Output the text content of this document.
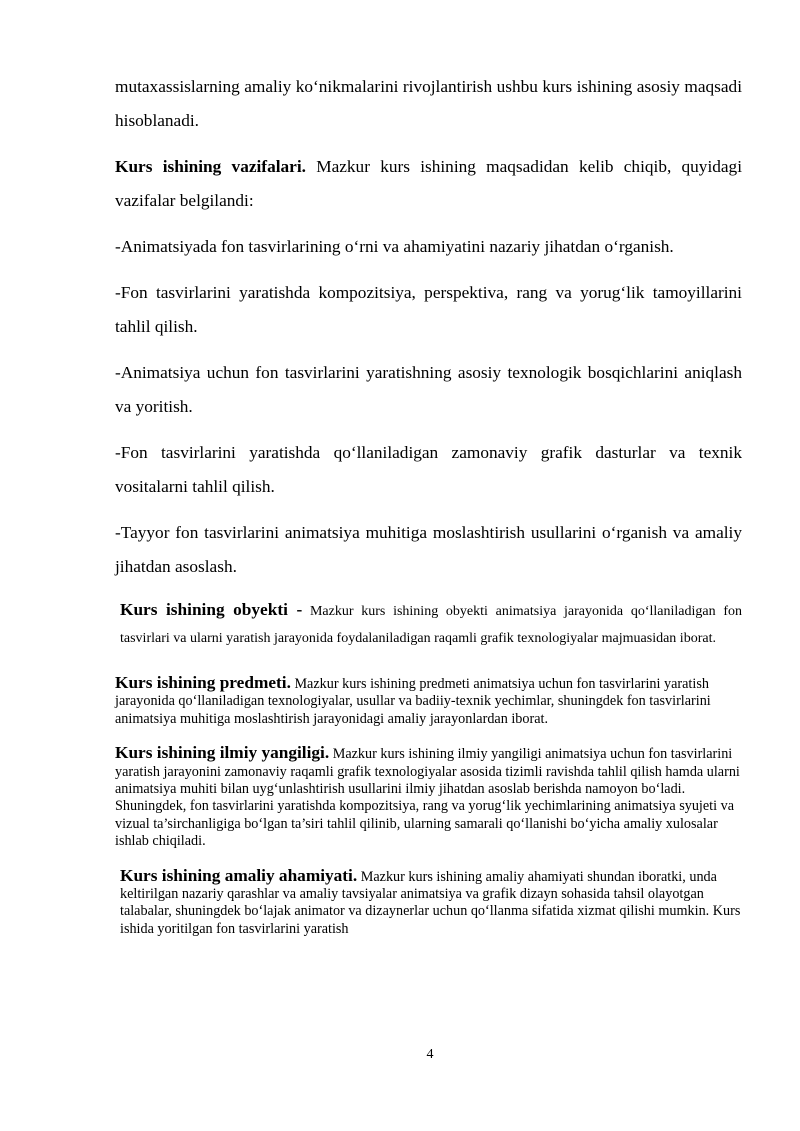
mutaxassislarning amaliy ko‘nikmalarini rivojlantirish ushbu kurs ishining asosiy maqsadi hisoblanadi.

Kurs ishining vazifalari. Mazkur kurs ishining maqsadidan kelib chiqib, quyidagi vazifalar belgilandi:

-Animatsiyada fon tasvirlarining o‘rni va ahamiyatini nazariy jihatdan o‘rganish.

-Fon tasvirlarini yaratishda kompozitsiya, perspektiva, rang va yorug‘lik tamoyillarini tahlil qilish.

-Animatsiya uchun fon tasvirlarini yaratishning asosiy texnologik bosqichlarini aniqlash va yoritish.

-Fon tasvirlarini yaratishda qo‘llaniladigan zamonaviy grafik dasturlar va texnik vositalarni tahlil qilish.

-Tayyor fon tasvirlarini animatsiya muhitiga moslashtirish usullarini o‘rganish va amaliy jihatdan asoslash.

Kurs ishining obyekti - Mazkur kurs ishining obyekti animatsiya jarayonida qo‘llaniladigan fon tasvirlari va ularni yaratish jarayonida foydalaniladigan raqamli grafik texnologiyalar majmuasidan iborat.

Kurs ishining predmeti. Mazkur kurs ishining predmeti animatsiya uchun fon tasvirlarini yaratish jarayonida qo‘llaniladigan texnologiyalar, usullar va badiiy-texnik yechimlar, shuningdek fon tasvirlarini animatsiya muhitiga moslashtirish jarayonidagi amaliy jarayonlardan iborat.

Kurs ishining ilmiy yangiligi. Mazkur kurs ishining ilmiy yangiligi animatsiya uchun fon tasvirlarini yaratish jarayonini zamonaviy raqamli grafik texnologiyalar asosida tizimli ravishda tahlil qilish hamda ularni animatsiya muhiti bilan uyg‘unlashtirish usullarini ilmiy jihatdan asoslab berishda namoyon bo‘ladi. Shuningdek, fon tasvirlarini yaratishda kompozitsiya, rang va yorug‘lik yechimlarining animatsiya syujeti va vizual ta’sirchanligiga bo‘lgan ta’siri tahlil qilinib, ularning samarali qo‘llanishi bo‘yicha amaliy xulosalar ishlab chiqiladi.

Kurs ishining amaliy ahamiyati. Mazkur kurs ishining amaliy ahamiyati shundan iboratki, unda keltirilgan nazariy qarashlar va amaliy tavsiyalar animatsiya va grafik dizayn sohasida tahsil olayotgan talabalar, shuningdek bo‘lajak animator va dizaynerlar uchun qo‘llanma sifatida xizmat qilishi mumkin. Kurs ishida yoritilgan fon tasvirlarini yaratish

4
